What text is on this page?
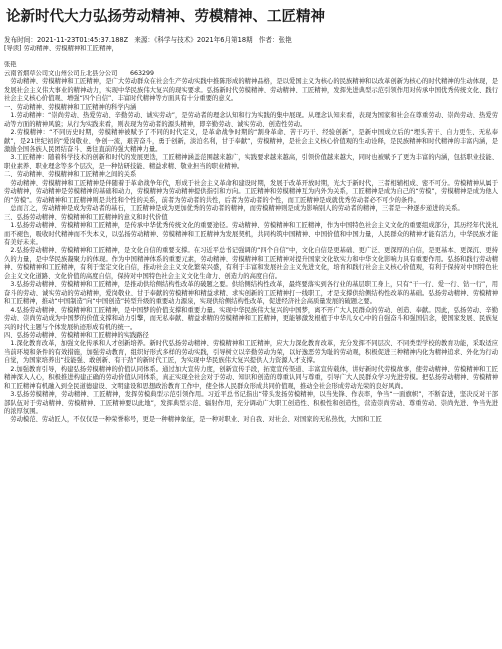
论新时代大力弘扬劳动精神、劳模精神、工匠精神
发布时间：2021-11-23T01:45:37.188Z 来源：《科学与技术》2021年6月第18期 作者：张艳

[导读] 劳动精神、劳模精神和工匠精神，

张艳

云南省烟草公司文山州公司丘北县分公司　　663299

　劳动精神、劳模精神和工匠精神，是广大劳动群众在社会生产劳动实践中推陈形成的精神品格，是以爱国主义为核心的民族精神和以改革创新为核心的时代精神的生动体现，是发展社会主义伟大事业的精神动力，实现中华民族伟大复兴的现实要求。弘扬新时代劳模精神、劳动精神、工匠精神，发挥先进典型示范引领作用对传承中国优秀传统文化、践行社会主义核心价值观、增强“四个自信”、丰富时代精神等方面具有十分重要的意义。

一、劳动精神、劳模精神和工匠精神的科学内涵

　1.劳动精神：“崇尚劳动、热爱劳动、辛勤劳动、诚实劳动”，是劳动者的理念认知和行为实践的集中展现。从理念认知来看，表现为国家和社会在尊重劳动、崇尚劳动、热爱劳动等方面的精神风貌；从行为实践来看，则表现为劳动者的源头精神，即辛勤劳动、诚实劳动、创造性劳动。

　2.劳模精神：“不同历史时期，劳模精神被赋予了不同的时代定义，是革命战争时期的“割身革命、苦干巧干、经验创新”，是新中国成立后的“埋头苦干、自力更生、无私奉献”，是21世纪初的“爱岗敬业、争创一流，艰苦奋斗，勇于创新，淡泊名利，甘于奉献”，劳模精神，是社会主义核心价值观的生动诠释，是民族精神和时代精神的丰富内涵，是激励全国各族人民团结奋斗、勇往直前的强大精神力量。

　3.工匠精神：随着科学技术的创新和时代的发展更迭，工匠精神涵盖范围越来越广，实践要求越来越高，引领价值越来越大，同时也被赋予了更为丰富的内涵，包括职业技能、职业素养、职业理念等多个层次，是一种钻研技能、精益求精、敬业担当的职业精神。

二、劳动精神、劳模精神和工匠精神之间的关系

　劳动精神、劳模精神和工匠精神是伴随着于革命战争年代，形成于社会主义革命和建设时期，发展于改革开放时期，光大于新时代，三者相辅相成、密不可分。劳模精神从属于劳动精神，劳动精神是劳模精神的基础和动力，劳模精神为劳动精神提供指引和方向。工匠精神和劳模精神互为内外为关系，工匠精神是成为自己的“劳模”，劳模精神是成为他人的“劳模”。劳动精神和工匠精神则是共性和个性的关系，前者为劳动者的共性，后者为劳动者的个性，而工匠精神是成就优秀劳动者必不可少的条件。

　总而言之，劳动精神是成为劳动者的基石，工匠精神是成为更加优秀的劳动者的精神，而劳模精神则是成为影响别人的劳动者的精神，三者是一种逐步递进的关系。

三、弘扬劳动精神、劳模精神和工匠精神的意义和时代价值

　1.弘扬劳动精神、劳模精神和工匠精神，是传承中华优秀传统文化的重要途径。劳动精神、劳模精神和工匠精神，作为中国特色社会主义文化的重要组成部分，其历经年代洗礼而不褪色，吸收时代精神而不失本义，以弘扬劳动精神、劳模精神和工匠精神为发展契机，共同构筑中国精神、中国价值和中国力量，人民群众的精神才能有活力，中华民族才能有美好未来。

　2.弘扬劳动精神、劳模精神和工匠精神，是文化自信的重要支撑。在习近平总书记强调的“四个自信”中，文化自信是更基础、更广泛、更深厚的自信，是更基本、更深沉、更持久的力量，是中华民族凝聚力的体现。作为中国精神体系的重要元素，劳动精神、劳模精神和工匠精神对提升国家文化软实力和中华文化影响力具有重要作用。弘扬和践行劳动精神、劳模精神和工匠精神，有利于坚定文化自信，推动社会主义文化繁荣兴盛，有利于丰富和发展社会主义先进文化，培育和践行社会主义核心价值观，有利于保持对中国特色社会主义文化道路、文化价值的高度自信，保持对中国特色社会主义文化生命力、创造力的高度自信。

　3.弘扬劳动精神、劳模精神和工匠精神，是推动供给侧结构性改革的破题之要。供给侧结构性改革，最终要落实到各行业的基层职工身上，只有“干一行、爱一行、钻一行”，用奋斗的劳动、诚实劳动的劳动精神，爱岗敬业、甘于奉献的劳模精神和精益求精、求实创新的工匠精神打一线职工，才是支撑供给侧结构性改革的基础。弘扬劳动精神、劳模精神和工匠精神，推动“中国制造”向“中国创造”转型升级的重要动力源泉，实现供给侧结构性改革，促进经济社会高质量发展的破题之要。

　4.弘扬劳动精神、劳模精神和工匠精神，是中国梦的价值支撑和重要力量。实现中华民族伟大复兴的中国梦，离不开广大人民群众的劳动、创造、奉献。因此，弘扬劳动、辛勤劳动、崇尚劳动成为中国梦的价值支撑和动力引擎，而无私奉献、精益求精的劳模精神和工匠精神，更能够激发根植于中华儿女心中的自强奋斗和强国信念，使国家发展、民族复兴的时代主题与个体发展轨迹形成有机的统一。

四、弘扬劳动精神、劳模精神和工匠精神的实践路径

　1.深化教育改革，加强文化传承和人才创新培养。新时代弘扬劳动精神、劳模精神和工匠精神，应大力深化教育改革，充分发挥不同层次、不同类型学校的教育功能，采取适应当前环境和条件的有效措施，加强劳动教育，组织好形式多样的劳动实践，引导树立以辛勤劳动为荣，以好逸恶劳为耻的劳动观，积极促进三种精神内化为精神追求、外化为行动自觉，为国家培养出“技能强、敢创新、有干劲”的新时代工匠，为实现中华民族伟大复兴提供人力资源人才支撑。

　2.加强教育引导，构建弘扬劳模精神的价值认同体系。通过加大宣传力度，创新宣传手段，拓宽宣传渠道、丰富宣传载体，讲好新时代劳模故事，使劳动精神、劳模精神和工匠精神深入人心，积极推进构建正确的劳动价值认同体系，真正实现全社会对于劳动、知识和创造的尊重认同与尊重，引导广大人民群众学习先进劳模。把弘扬劳动精神、劳模精神和工匠精神有机融入到全民道德建设、文明建设和思想政治教育工作中，使全体人民群众形成共同价值观，推动全社会形成劳动光荣的良好风尚。

　3.弘扬劳模精神，劳动精神、工匠精神，发挥劳模典型示范引领作用。习近平总书记指出“带头发扬劳模精神，以当先锋、作表率，争当“一面旗帜”，不断奋进，坚决反对干部部队伍对于劳动精神、劳模精神、工匠精神要以此地”，发挥典型示范、辐射作用，充分调动广大职工创造性、积极性和创造性，营造崇尚劳动、尊重劳动、崇尚先进、争当先进的浓厚氛围。

　劳动模范、劳动匠人，不仅仅是一种荣誉称号，更是一种精神象征，是一种对职业、对自我、对社会、对国家的无私热忱，大国和工匠
